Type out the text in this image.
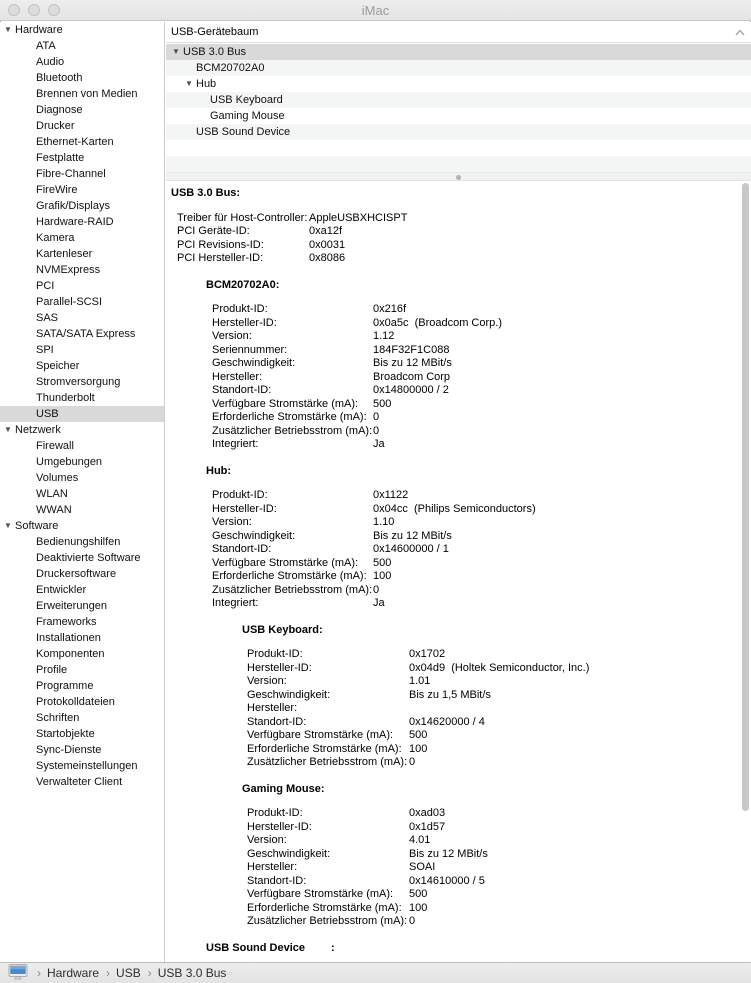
iMac
▼ Hardware
ATA
Audio
Bluetooth
Brennen von Medien
Diagnose
Drucker
Ethernet-Karten
Festplatte
Fibre-Channel
FireWire
Grafik/Displays
Hardware-RAID
Kamera
Kartenleser
NVMExpress
PCI
Parallel-SCSI
SAS
SATA/SATA Express
SPI
Speicher
Stromversorgung
Thunderbolt
USB
▼ Netzwerk
Firewall
Umgebungen
Volumes
WLAN
WWAN
▼ Software
Bedienungshilfen
Deaktivierte Software
Druckersoftware
Entwickler
Erweiterungen
Frameworks
Installationen
Komponenten
Profile
Programme
Protokolldateien
Schriften
Startobjekte
Sync-Dienste
Systemeinstellungen
Verwalteter Client
USB-Gerätebaum
▼ USB 3.0 Bus
BCM20702A0
▼ Hub
USB Keyboard
Gaming Mouse
USB Sound Device
USB 3.0 Bus:
Treiber für Host-Controller: AppleUSBXHCISPT
PCI Geräte-ID:	0xa12f
PCI Revisions-ID:	0x0031
PCI Hersteller-ID:	0x8086
BCM20702A0:
Produkt-ID:	0x216f
Hersteller-ID:	0x0a5c  (Broadcom Corp.)
Version:	1.12
Seriennummer:	184F32F1C088
Geschwindigkeit:	Bis zu 12 MBit/s
Hersteller:	Broadcom Corp
Standort-ID:	0x14800000 / 2
Verfügbare Stromstärke (mA):	500
Erforderliche Stromstärke (mA): 0
Zusätzlicher Betriebsstrom (mA): 0
Integriert:	Ja
Hub:
Produkt-ID:	0x1122
Hersteller-ID:	0x04cc  (Philips Semiconductors)
Version:	1.10
Geschwindigkeit:	Bis zu 12 MBit/s
Standort-ID:	0x14600000 / 1
Verfügbare Stromstärke (mA):	500
Erforderliche Stromstärke (mA): 100
Zusätzlicher Betriebsstrom (mA): 0
Integriert:	Ja
USB Keyboard:
Produkt-ID:	0x1702
Hersteller-ID:	0x04d9  (Holtek Semiconductor, Inc.)
Version:	1.01
Geschwindigkeit:	Bis zu 1,5 MBit/s
Hersteller:
Standort-ID:	0x14620000 / 4
Verfügbare Stromstärke (mA):	500
Erforderliche Stromstärke (mA): 100
Zusätzlicher Betriebsstrom (mA): 0
Gaming Mouse:
Produkt-ID:	0xad03
Hersteller-ID:	0x1d57
Version:	4.01
Geschwindigkeit:	Bis zu 12 MBit/s
Hersteller:	SOAI
Standort-ID:	0x14610000 / 5
Verfügbare Stromstärke (mA):	500
Erforderliche Stromstärke (mA): 100
Zusätzlicher Betriebsstrom (mA): 0
USB Sound Device :
› Hardware › USB › USB 3.0 Bus
